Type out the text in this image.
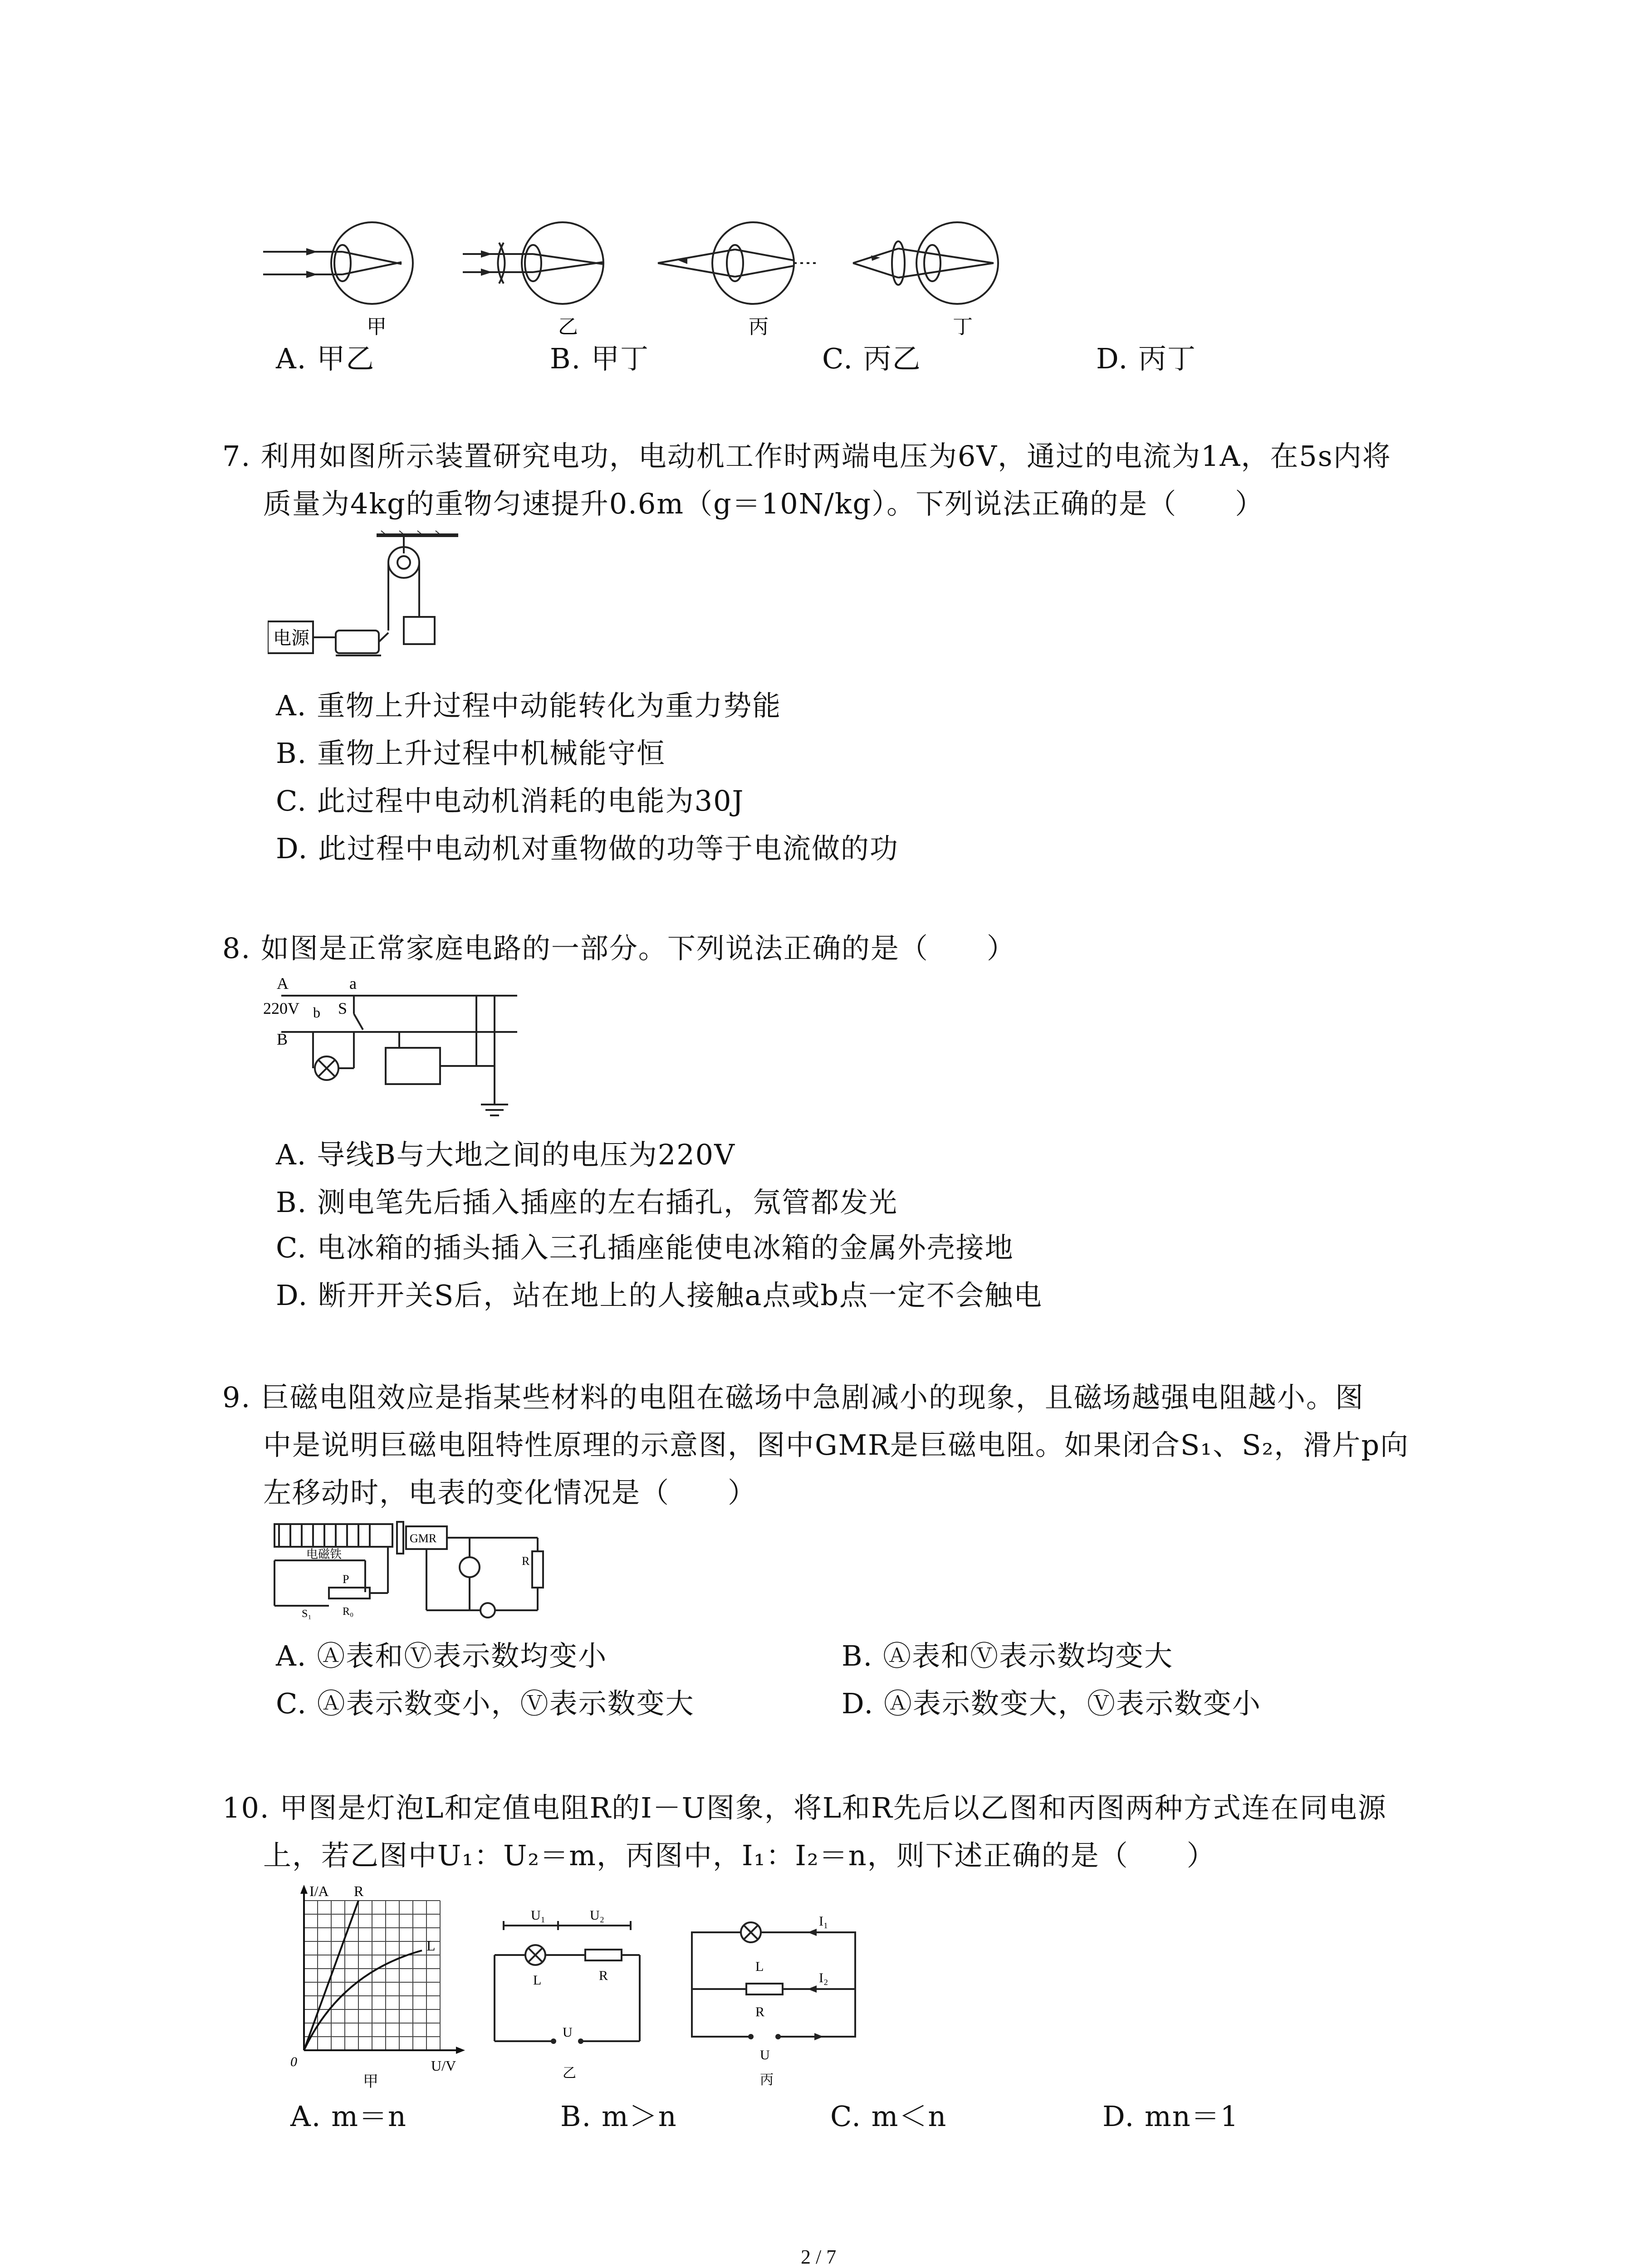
甲	乙	丙	丁
A. 甲乙	B. 甲丁	C. 丙乙	D. 丙丁
7. 利用如图所示装置研究电功，电动机工作时两端电压为6V，通过的电流为1A，在5s内将
质量为4kg的重物匀速提升0.6m（g＝10N/kg）。下列说法正确的是（　　）
电源
A. 重物上升过程中动能转化为重力势能
B. 重物上升过程中机械能守恒
C. 此过程中电动机消耗的电能为30J
D. 此过程中电动机对重物做的功等于电流做的功
8. 如图是正常家庭电路的一部分。下列说法正确的是（　　）
A	a
220V b S
B
A. 导线B与大地之间的电压为220V
B. 测电笔先后插入插座的左右插孔，氖管都发光
C. 电冰箱的插头插入三孔插座能使电冰箱的金属外壳接地
D. 断开开关S后，站在地上的人接触a点或b点一定不会触电
9. 巨磁电阻效应是指某些材料的电阻在磁场中急剧减小的现象，且磁场越强电阻越小。图
中是说明巨磁电阻特性原理的示意图，图中GMR是巨磁电阻。如果闭合S₁、S₂，滑片p向
左移动时，电表的变化情况是（　　）
GMR
电磁铁
P
R₀
R
S₁
A. Ⓐ表和Ⓥ表示数均变小	B. Ⓐ表和Ⓥ表示数均变大
C. Ⓐ表示数变小，Ⓥ表示数变大	D. Ⓐ表示数变大，Ⓥ表示数变小
10. 甲图是灯泡L和定值电阻R的I－U图象，将L和R先后以乙图和丙图两种方式连在同电源
上，若乙图中U₁：U₂＝m，丙图中，I₁：I₂＝n，则下述正确的是（　　）
I/A R
L
0	U/V
甲
U₁	U₂
L	R
U
乙
I₁
I₂
L
R
U
丙
A. m＝n	B. m＞n	C. m＜n	D. mn＝1
2 / 7
